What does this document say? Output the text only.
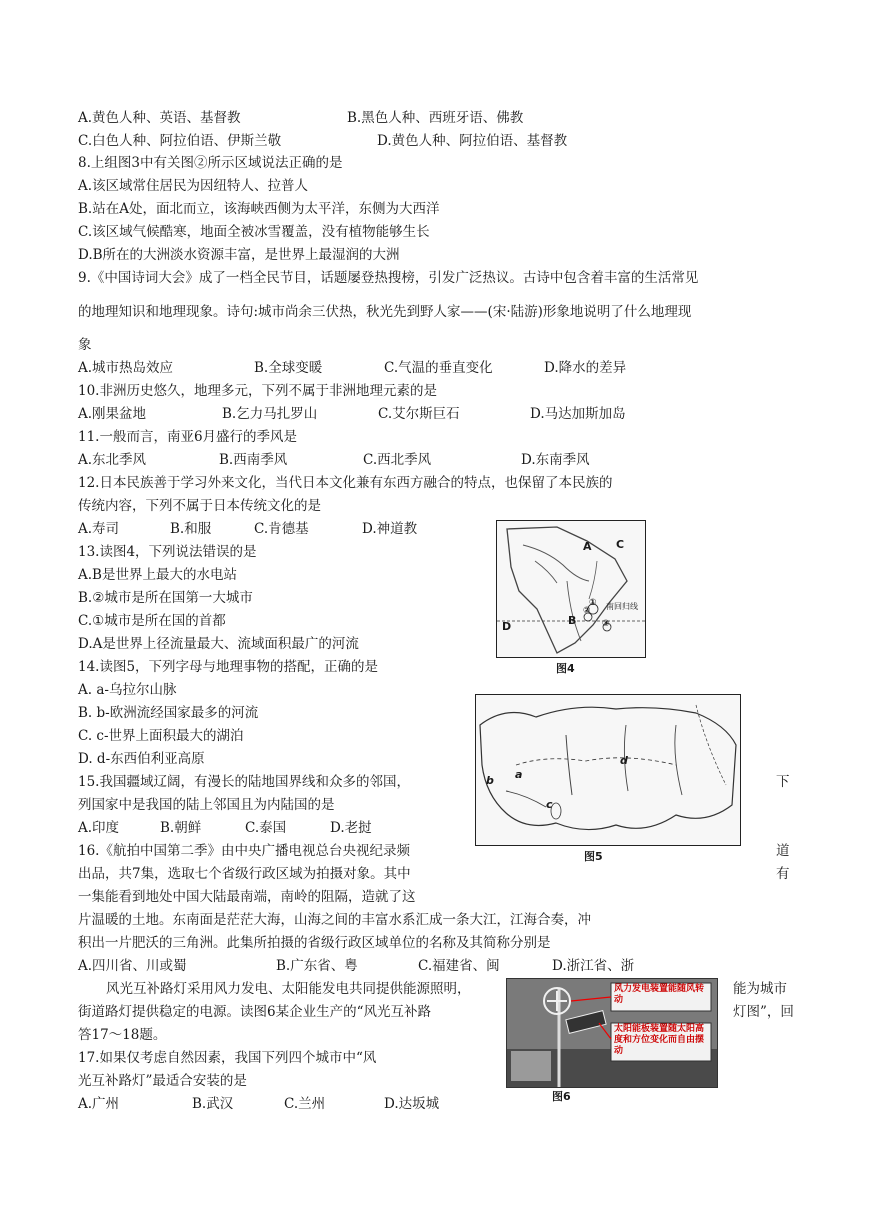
A.黄色人种、英语、基督教	B.黑色人种、西班牙语、佛教
C.白色人种、阿拉伯语、伊斯兰敬	D.黄色人种、阿拉伯语、基督教
8.上组图3中有关图②所示区域说法正确的是
A.该区域常住居民为因纽特人、拉普人
B.站在A处，面北而立，该海峡西侧为太平洋，东侧为大西洋
C.该区域气候酷寒，地面全被冰雪覆盖，没有植物能够生长
D.B所在的大洲淡水资源丰富，是世界上最湿润的大洲
9.《中国诗词大会》成了一档全民节目，话题屡登热搜榜，引发广泛热议。古诗中包含着丰富的生活常见
的地理知识和地理现象。诗句:城市尚余三伏热，秋光先到野人家——(宋·陆游)形象地说明了什么地理现
象
A.城市热岛效应	B.全球变暖	C.气温的垂直变化	D.降水的差异
10.非洲历史悠久，地理多元，下列不属于非洲地理元素的是
A.刚果盆地	B.乞力马扎罗山	C.艾尔斯巨石	D.马达加斯加岛
11.一般而言，南亚6月盛行的季风是
A.东北季风	B.西南季风	C.西北季风	D.东南季风
12.日本民族善于学习外来文化，当代日本文化兼有东西方融合的特点，也保留了本民族的
传统内容，下列不属于日本传统文化的是
A.寿司	B.和服	C.肯德基	D.神道教
13.读图4，下列说法错误的是
A.B是世界上最大的水电站
B.②城市是所在国第一大城市
C.①城市是所在国的首都
D.A是世界上径流量最大、流域面积最广的河流
A C
D	B
①
②
③
南回归线
图4
14.读图5，下列字母与地理事物的搭配，正确的是
A. a-乌拉尔山脉
B. b-欧洲流经国家最多的河流
C. c-世界上面积最大的湖泊
D. d-东西伯利亚高原
a
b
c
d
图5
15.我国疆域辽阔，有漫长的陆地国界线和众多的邻国，	下
列国家中是我国的陆上邻国且为内陆国的是
A.印度	B.朝鲜	C.泰国	D.老挝
16.《航拍中国第二季》由中央广播电视总台央视纪录频	道
出品，共7集，选取七个省级行政区域为拍摄对象。其中	有
一集能看到地处中国大陆最南端，南岭的阻隔，造就了这
片温暖的土地。东南面是茫茫大海，山海之间的丰富水系汇成一条大江，江海合奏，冲
积出一片肥沃的三角洲。此集所拍摄的省级行政区域单位的名称及其简称分别是
A.四川省、川或蜀	B.广东省、粤	C.福建省、闽	D.浙江省、浙
风光互补路灯采用风力发电、太阳能发电共同提供能源照明，	能为城市
街道路灯提供稳定的电源。读图6某企业生产的“风光互补路	灯图”，回
答17～18题。
风力发电装置能随风转动
太阳能板装置随太阳高度和方位变化而自由摆动
图6
17.如果仅考虑自然因素，我国下列四个城市中“风
光互补路灯”最适合安装的是
A.广州	B.武汉	C.兰州	D.达坂城
